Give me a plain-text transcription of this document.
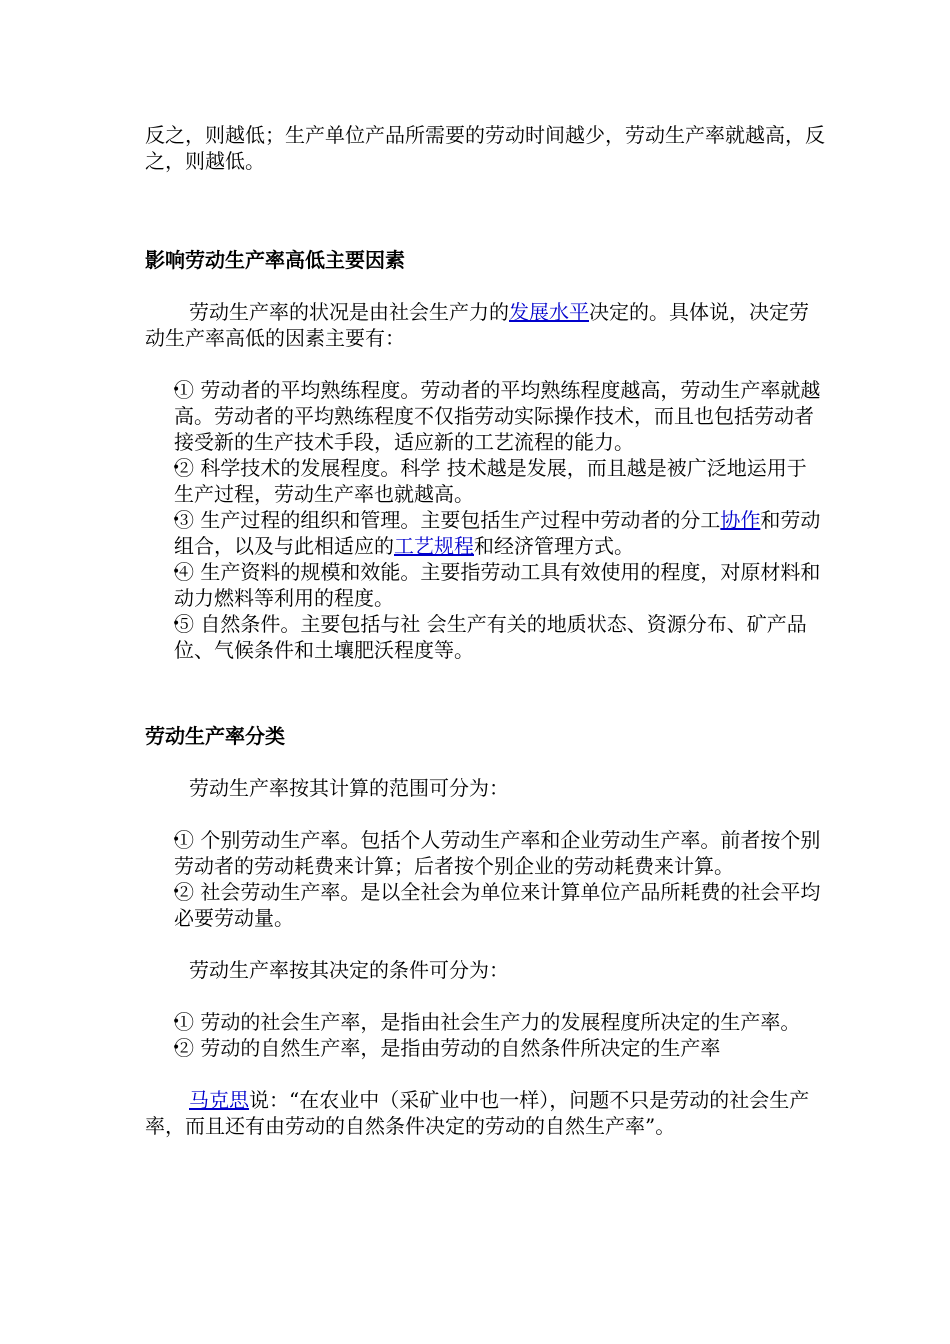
反之，则越低；生产单位产品所需要的劳动时间越少，劳动生产率就越高，反之，则越低。

影响劳动生产率高低主要因素

劳动生产率的状况是由社会生产力的发展水平决定的。具体说，决定劳动生产率高低的因素主要有：

• ① 劳动者的平均熟练程度。劳动者的平均熟练程度越高，劳动生产率就越高。劳动者的平均熟练程度不仅指劳动实际操作技术，而且也包括劳动者接受新的生产技术手段，适应新的工艺流程的能力。
• ② 科学技术的发展程度。科学 技术越是发展，而且越是被广泛地运用于生产过程，劳动生产率也就越高。
• ③ 生产过程的组织和管理。主要包括生产过程中劳动者的分工协作和劳动组合，以及与此相适应的工艺规程和经济管理方式。
• ④ 生产资料的规模和效能。主要指劳动工具有效使用的程度，对原材料和动力燃料等利用的程度。
• ⑤ 自然条件。主要包括与社 会生产有关的地质状态、资源分布、矿产品位、气候条件和土壤肥沃程度等。
劳动生产率分类

劳动生产率按其计算的范围可分为：

• ① 个别劳动生产率。包括个人劳动生产率和企业劳动生产率。前者按个别劳动者的劳动耗费来计算；后者按个别企业的劳动耗费来计算。
• ② 社会劳动生产率。是以全社会为单位来计算单位产品所耗费的社会平均必要劳动量。

劳动生产率按其决定的条件可分为：

• ① 劳动的社会生产率，是指由社会生产力的发展程度所决定的生产率。
• ② 劳动的自然生产率，是指由劳动的自然条件所决定的生产率

马克思说：“在农业中（采矿业中也一样），问题不只是劳动的社会生产率，而且还有由劳动的自然条件决定的劳动的自然生产率”。
